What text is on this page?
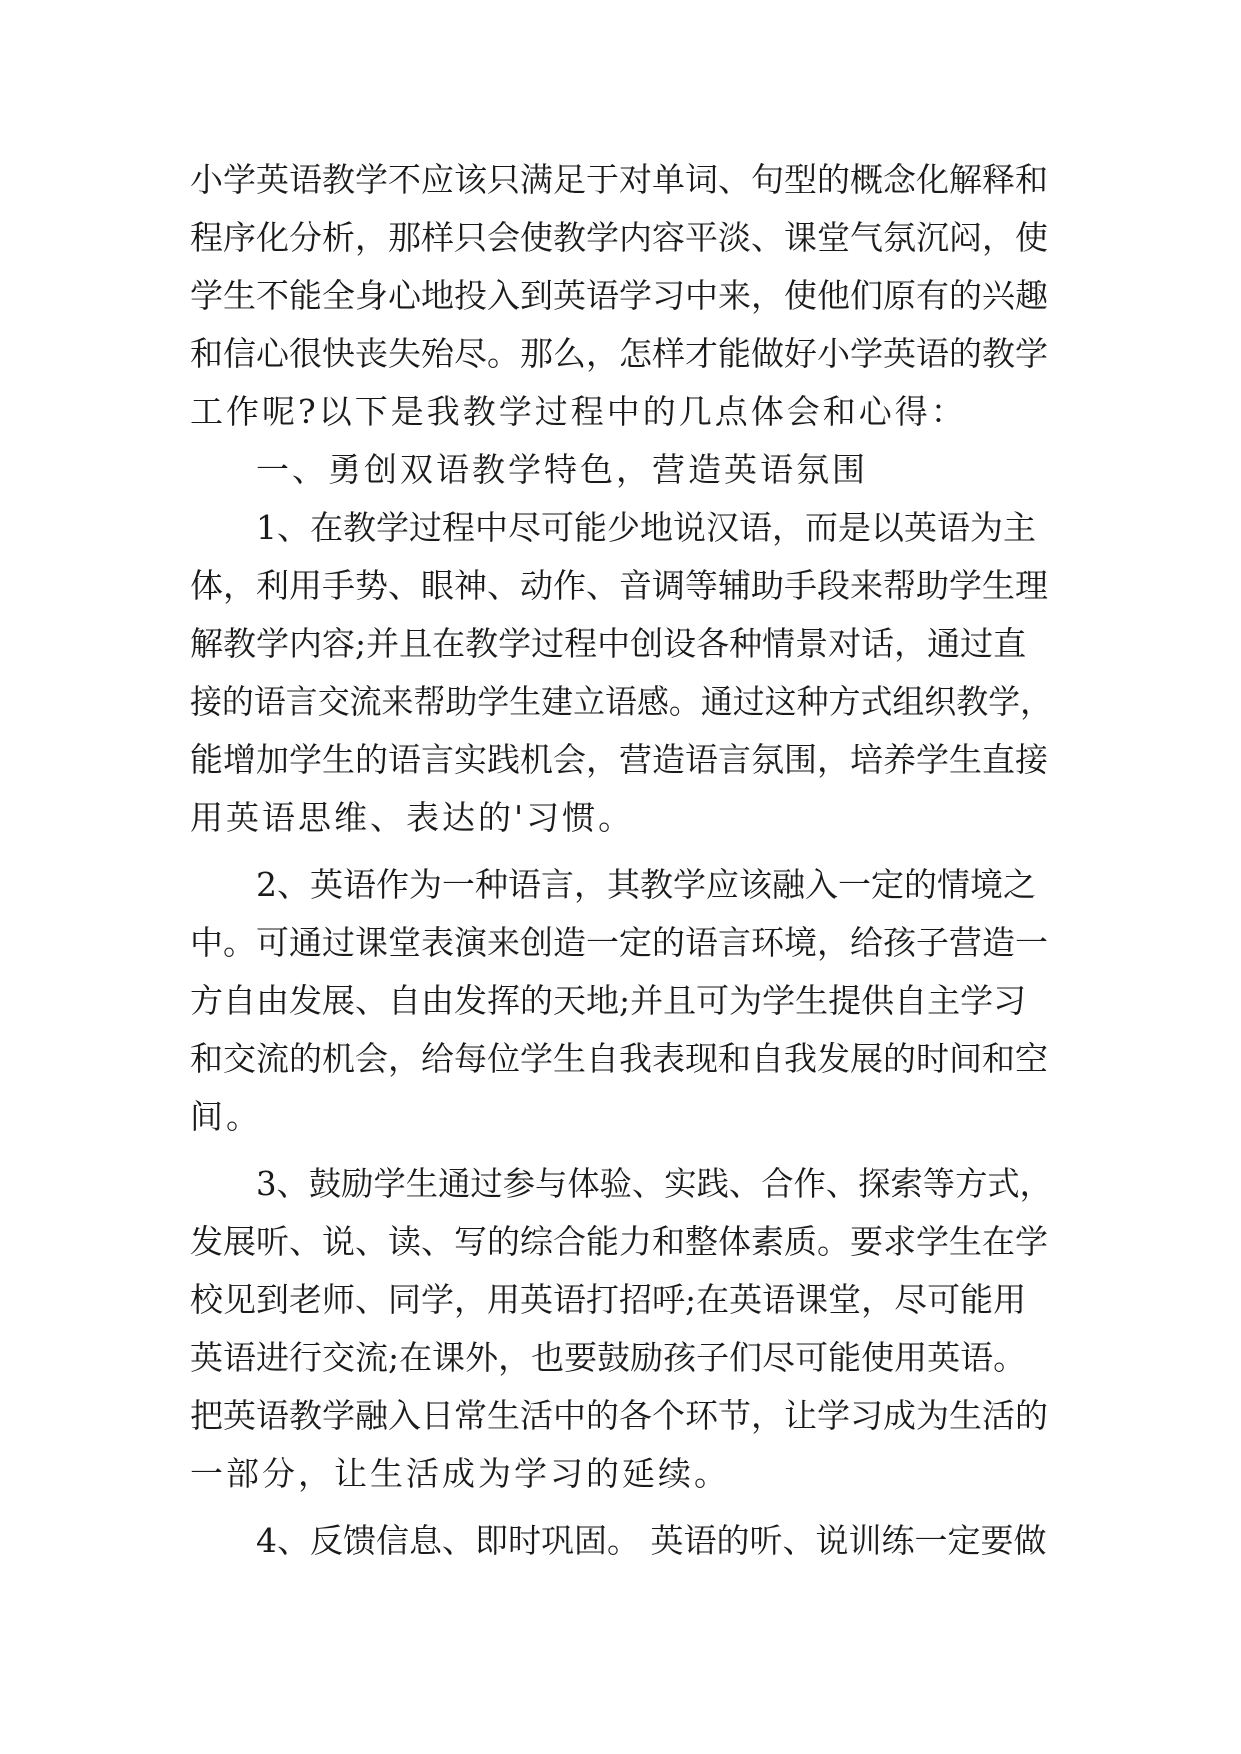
小学英语教学不应该只满足于对单词、句型的概念化解释和

程序化分析，那样只会使教学内容平淡、课堂气氛沉闷，使

学生不能全身心地投入到英语学习中来，使他们原有的兴趣

和信心很快丧失殆尽。那么，怎样才能做好小学英语的教学

工作呢?以下是我教学过程中的几点体会和心得：

一、勇创双语教学特色，营造英语氛围

1、在教学过程中尽可能少地说汉语，而是以英语为主

体，利用手势、眼神、动作、音调等辅助手段来帮助学生理

解教学内容;并且在教学过程中创设各种情景对话，通过直

接的语言交流来帮助学生建立语感。通过这种方式组织教学，

能增加学生的语言实践机会，营造语言氛围，培养学生直接

用英语思维、表达的'习惯。

2、英语作为一种语言，其教学应该融入一定的情境之

中。可通过课堂表演来创造一定的语言环境，给孩子营造一

方自由发展、自由发挥的天地;并且可为学生提供自主学习

和交流的机会，给每位学生自我表现和自我发展的时间和空

间。

3、鼓励学生通过参与体验、实践、合作、探索等方式，

发展听、说、读、写的综合能力和整体素质。要求学生在学

校见到老师、同学，用英语打招呼;在英语课堂，尽可能用

英语进行交流;在课外，也要鼓励孩子们尽可能使用英语。

把英语教学融入日常生活中的各个环节，让学习成为生活的

一部分，让生活成为学习的延续。

4、反馈信息、即时巩固。 英语的听、说训练一定要做
